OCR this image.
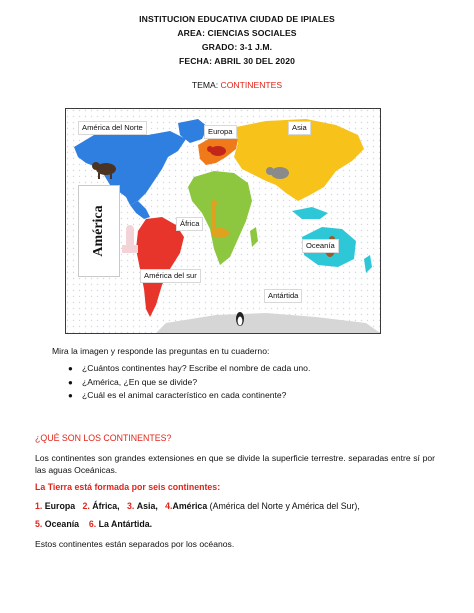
INSTITUCION EDUCATIVA CIUDAD DE IPIALES
AREA: CIENCIAS SOCIALES
GRADO: 3-1 J.M.
FECHA: ABRIL 30 DEL 2020
TEMA: CONTINENTES
América del Norte	Europa	Asia
África
Oceanía
América del sur
Antártida
América
Mira la imagen y responde las preguntas en tu cuaderno:
● ¿Cuántos continentes hay? Escribe el nombre de cada uno.
● ¿América, ¿En que se divide?
● ¿Cuál es el animal característico en cada continente?
¿QUÉ SON LOS CONTINENTES?
Los continentes son grandes extensiones en que se divide la superficie terrestre. separadas entre sí por las aguas Oceánicas.
La Tierra está formada por seis continentes:
1. Europa 2. África, 3. Asia, 4.América (América del Norte y América del Sur),
5. Oceanía 6. La Antártida.
Estos continentes están separados por los océanos.
